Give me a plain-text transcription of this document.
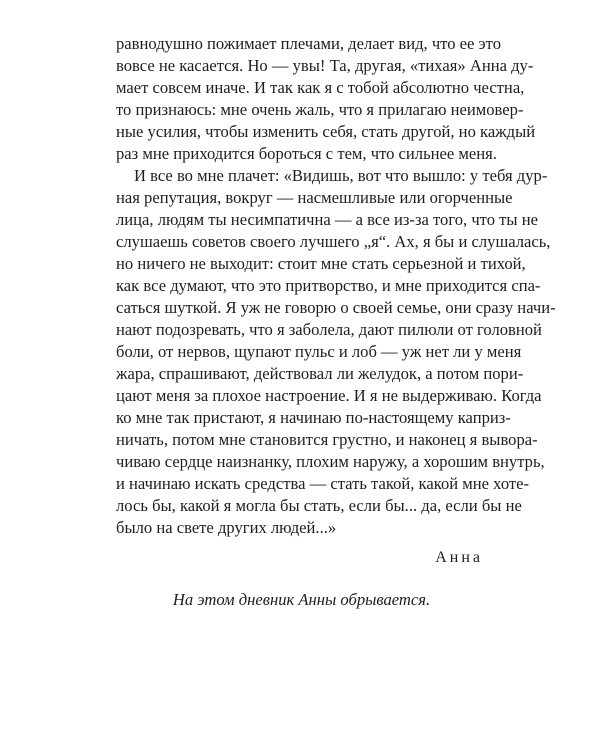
равнодушно пожимает плечами, делает вид, что ее это
вовсе не касается. Но — увы! Та, другая, «тихая» Анна ду-
мает совсем иначе. И так как я с тобой абсолютно честна,
то признаюсь: мне очень жаль, что я прилагаю неимовер-
ные усилия, чтобы изменить себя, стать другой, но каждый
раз мне приходится бороться с тем, что сильнее меня.
И все во мне плачет: «Видишь, вот что вышло: у тебя дур-
ная репутация, вокруг — насмешливые или огорченные
лица, людям ты несимпатична — а все из-за того, что ты не
слушаешь советов своего лучшего „я“. Ах, я бы и слушалась,
но ничего не выходит: стоит мне стать серьезной и тихой,
как все думают, что это притворство, и мне приходится спа-
саться шуткой. Я уж не говорю о своей семье, они сразу начи-
нают подозревать, что я заболела, дают пилюли от головной
боли, от нервов, щупают пульс и лоб — уж нет ли у меня
жара, спрашивают, действовал ли желудок, а потом пори-
цают меня за плохое настроение. И я не выдерживаю. Когда
ко мне так пристают, я начинаю по-настоящему каприз-
ничать, потом мне становится грустно, и наконец я вывора-
чиваю сердце наизнанку, плохим наружу, а хорошим внутрь,
и начинаю искать средства — стать такой, какой мне хоте-
лось бы, какой я могла бы стать, если бы... да, если бы не
было на свете других людей...»
Анна
На этом дневник Анны обрывается.
